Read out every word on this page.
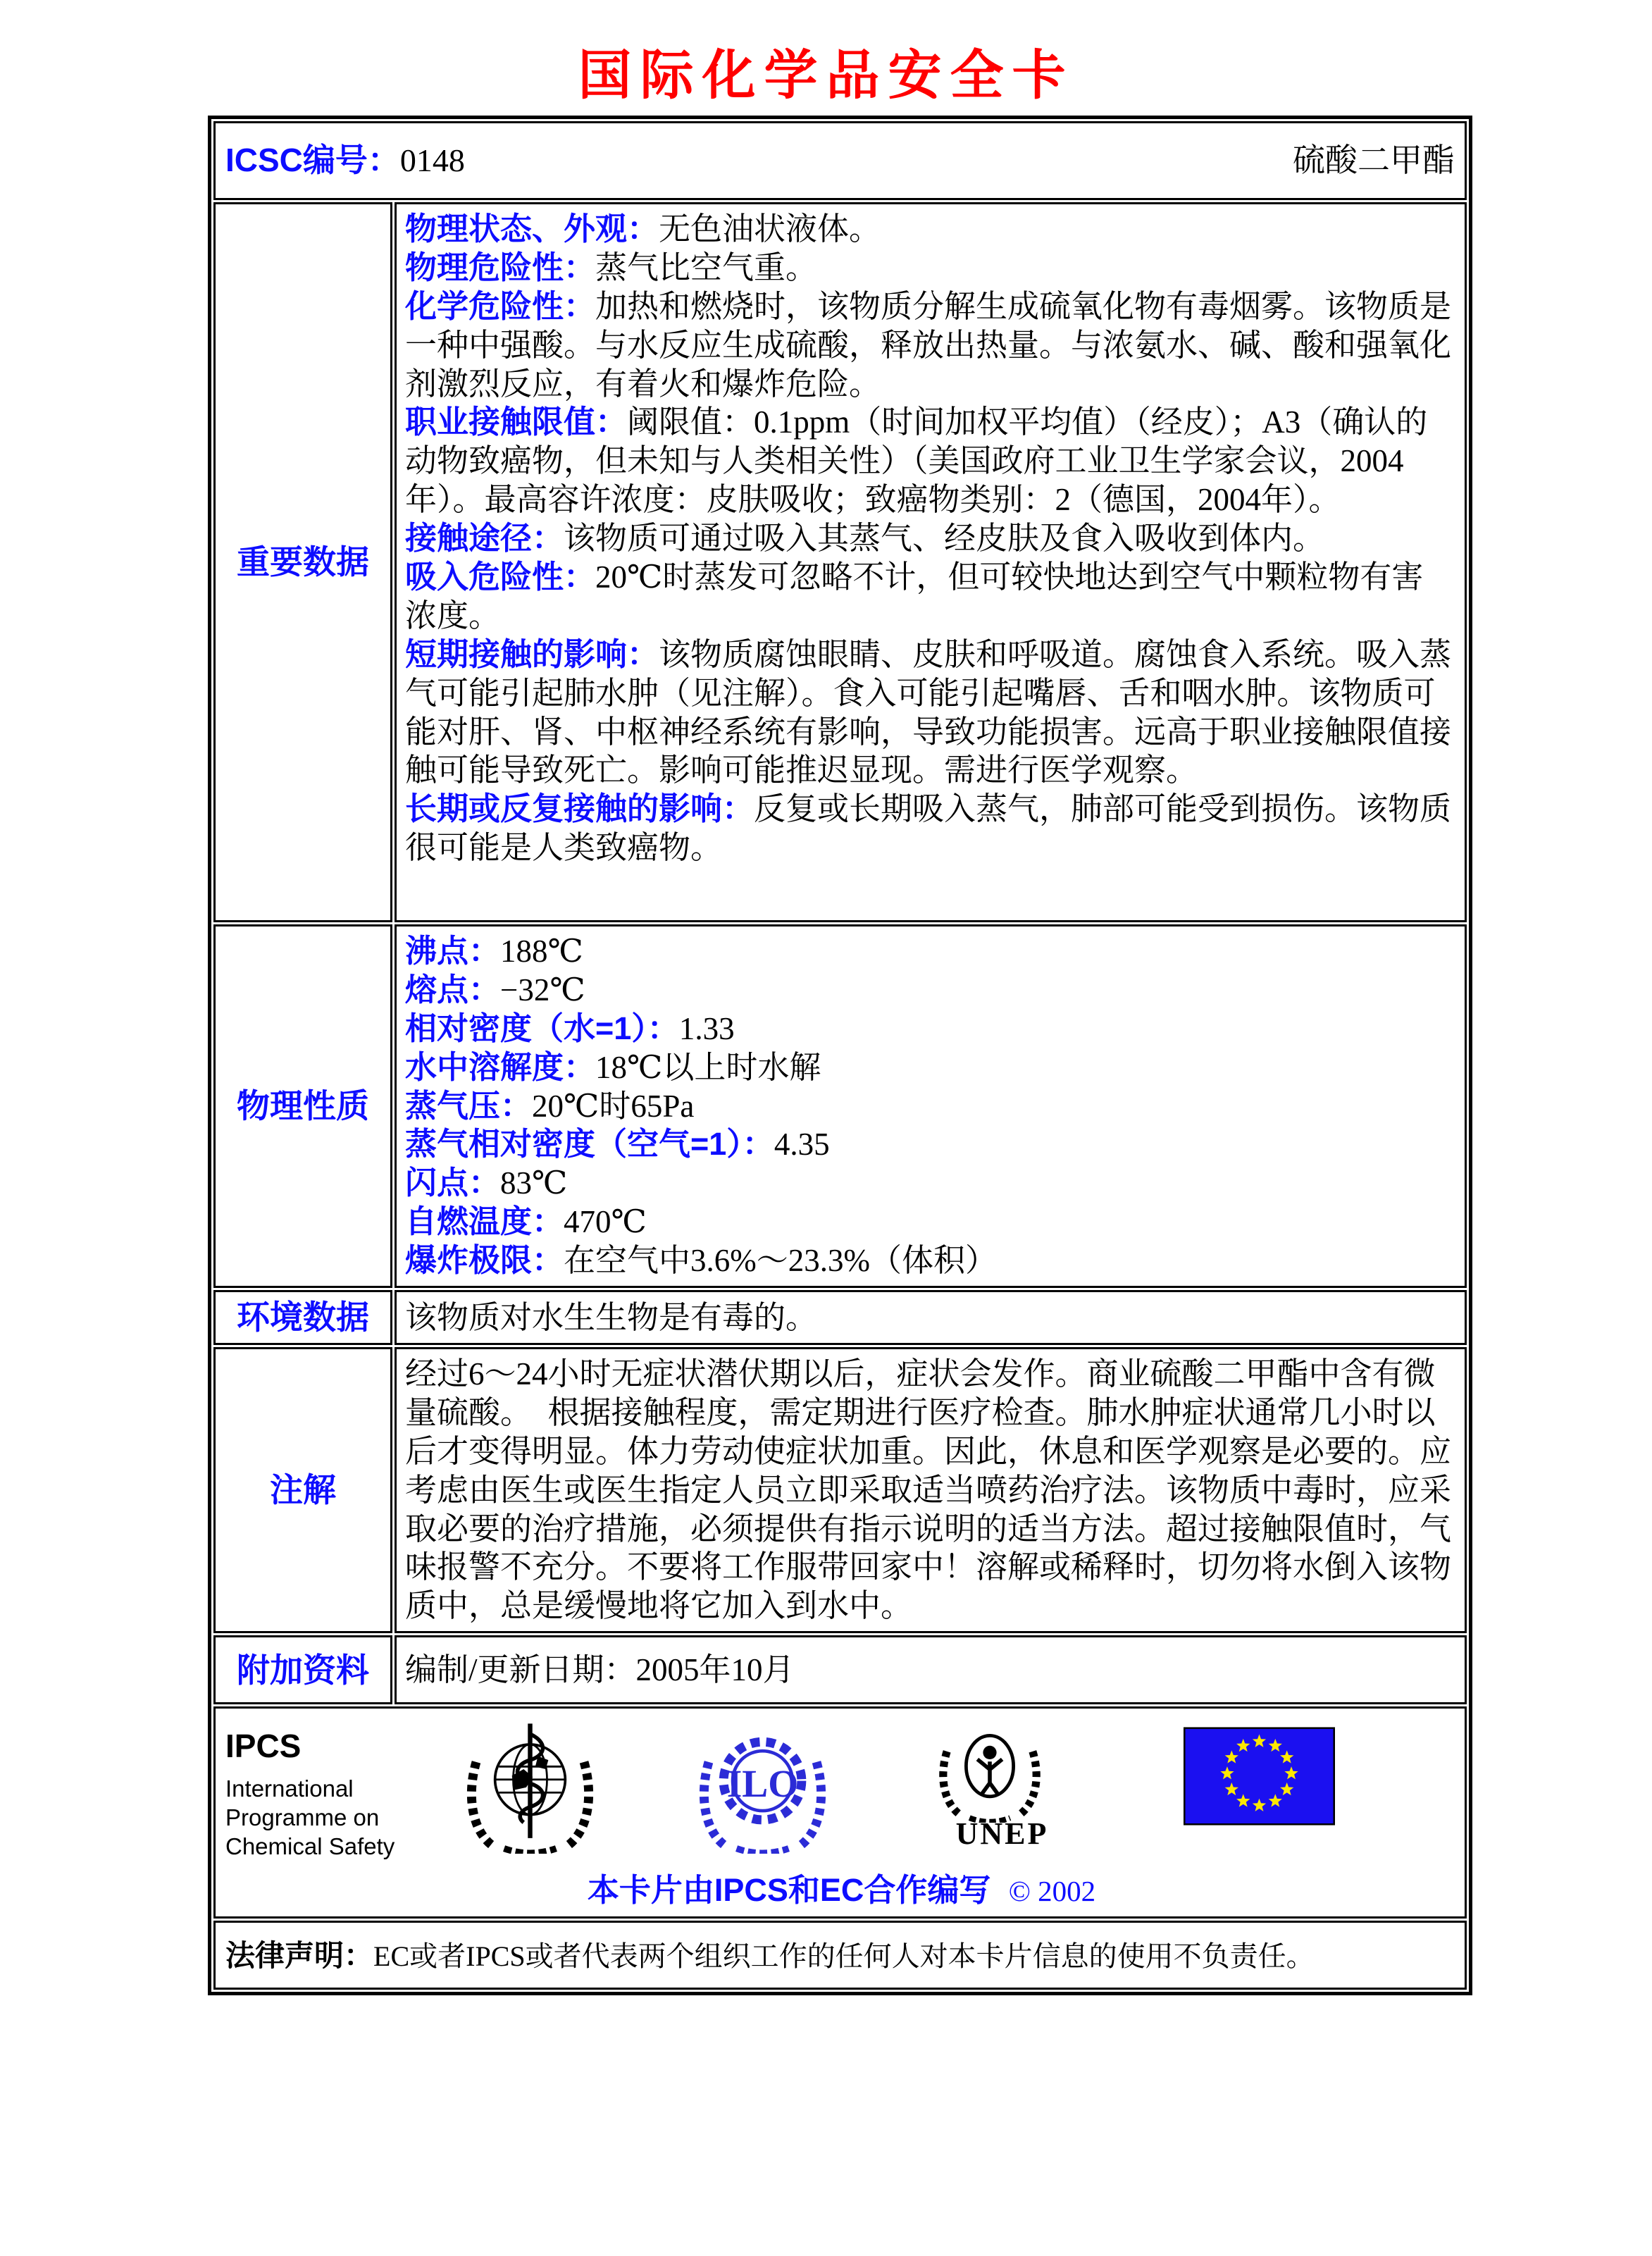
国际化学品安全卡
ICSC编号：0148 硫酸二甲酯	

重要数据	
物理状态、外观：无色油状液体。
物理危险性：蒸气比空气重。
化学危险性：加热和燃烧时，该物质分解生成硫氧化物有毒烟雾。该物质是一种中强酸。与水反应生成硫酸，释放出热量。与浓氨水、碱、酸和强氧化剂激烈反应，有着火和爆炸危险。
职业接触限值：阈限值：0.1ppm（时间加权平均值）（经皮）；A3（确认的动物致癌物，但未知与人类相关性）（美国政府工业卫生学家会议，2004年）。最高容许浓度：皮肤吸收；致癌物类别：2（德国，2004年）。
接触途径：该物质可通过吸入其蒸气、经皮肤及食入吸收到体内。
吸入危险性：20℃时蒸发可忽略不计，但可较快地达到空气中颗粒物有害浓度。
短期接触的影响：该物质腐蚀眼睛、皮肤和呼吸道。腐蚀食入系统。吸入蒸气可能引起肺水肿（见注解）。食入可能引起嘴唇、舌和咽水肿。该物质可能对肝、肾、中枢神经系统有影响，导致功能损害。远高于职业接触限值接触可能导致死亡。影响可能推迟显现。需进行医学观察。
长期或反复接触的影响：反复或长期吸入蒸气，肺部可能受到损伤。该物质很可能是人类致癌物。

物理性质	
沸点：188℃
熔点：−32℃
相对密度（水=1）：1.33
水中溶解度：18℃以上时水解
蒸气压：20℃时65Pa
蒸气相对密度（空气=1）：4.35
闪点：83℃
自燃温度：470℃
爆炸极限：在空气中3.6%～23.3%（体积）

环境数据	该物质对水生生物是有毒的。
注解	经过6～24小时无症状潜伏期以后，症状会发作。商业硫酸二甲酯中含有微量硫酸。　根据接触程度，需定期进行医疗检查。肺水肿症状通常几小时以后才变得明显。体力劳动使症状加重。因此，休息和医学观察是必要的。应考虑由医生或医生指定人员立即采取适当喷药治疗法。该物质中毒时，应采取必要的治疗措施，必须提供有指示说明的适当方法。超过接触限值时，气味报警不充分。不要将工作服带回家中！溶解或稀释时，切勿将水倒入该物质中，总是缓慢地将它加入到水中。
附加资料	编制/更新日期：2005年10月

IPCS
International
Programme on
Chemical Safety
ILO
UNEP
本卡片由IPCS和EC合作编写 © 2002

法律声明：EC或者IPCS或者代表两个组织工作的任何人对本卡片信息的使用不负责任。	
